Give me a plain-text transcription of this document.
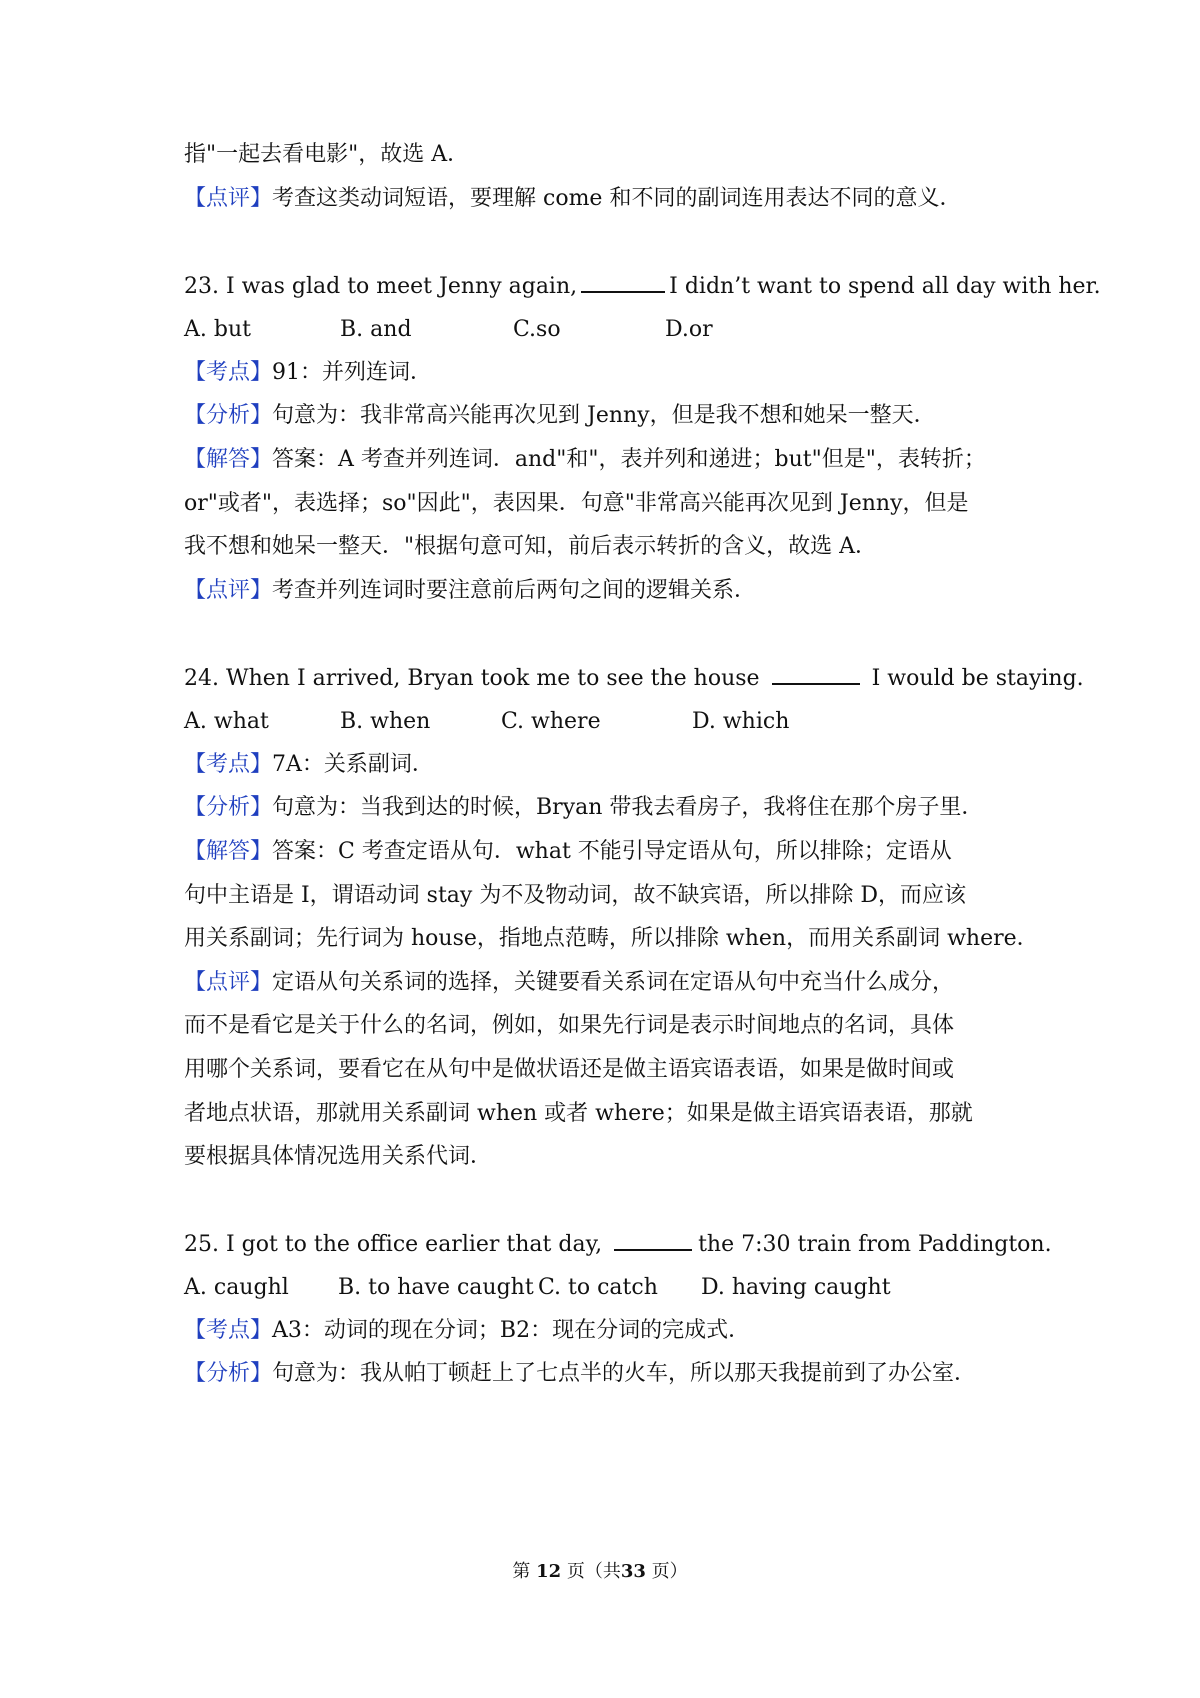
指"一起去看电影"，故选 A．
【点评】考查这类动词短语，要理解 come 和不同的副词连用表达不同的意义．
23. I was glad to meet Jenny again,	I didn’t want to spend all day with her.
A. but	B. and	C.so	D.or
【考点】91：并列连词．
【分析】句意为：我非常高兴能再次见到 Jenny，但是我不想和她呆一整天．
【解答】答案：A 考查并列连词．and"和"，表并列和递进；but"但是"，表转折；
or"或者"，表选择；so"因此"，表因果．句意"非常高兴能再次见到 Jenny，但是
我不想和她呆一整天．"根据句意可知，前后表示转折的含义，故选 A．
【点评】考查并列连词时要注意前后两句之间的逻辑关系．
24. When I arrived, Bryan took me to see the house	I would be staying.
A. what	B. when	C. where	D. which
【考点】7A：关系副词．
【分析】句意为：当我到达的时候，Bryan 带我去看房子，我将住在那个房子里．
【解答】答案：C 考查定语从句．what 不能引导定语从句，所以排除；定语从
句中主语是 I，谓语动词 stay 为不及物动词，故不缺宾语，所以排除 D，而应该
用关系副词；先行词为 house，指地点范畴，所以排除 when，而用关系副词 where．
【点评】定语从句关系词的选择，关键要看关系词在定语从句中充当什么成分，
而不是看它是关于什么的名词，例如，如果先行词是表示时间地点的名词，具体
用哪个关系词，要看它在从句中是做状语还是做主语宾语表语，如果是做时间或
者地点状语，那就用关系副词 when 或者 where；如果是做主语宾语表语，那就
要根据具体情况选用关系代词．
25. I got to the office earlier that day,	the 7:30 train from Paddington.
A. caughl B. to have caught C. to catch D. having caught
【考点】A3：动词的现在分词；B2：现在分词的完成式．
【分析】句意为：我从帕丁顿赶上了七点半的火车，所以那天我提前到了办公室．
第 12 页（共33 页）
